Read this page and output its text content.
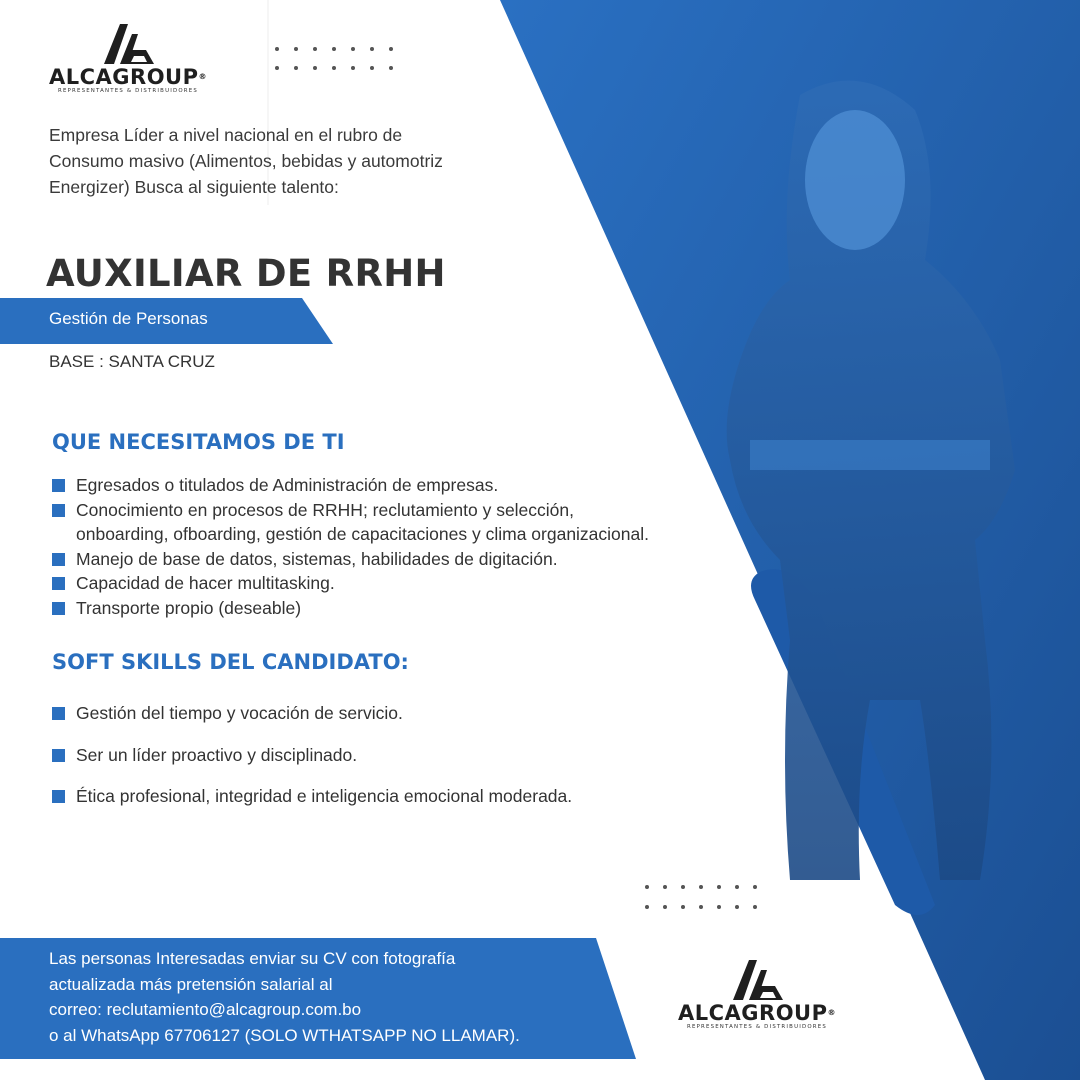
ALCAGROUP®
REPRESENTANTES & DISTRIBUIDORES
Empresa Líder a nivel nacional en el rubro de
Consumo masivo (Alimentos, bebidas y automotriz
Energizer) Busca al siguiente talento:
AUXILIAR DE RRHH
Gestión de Personas
BASE : SANTA CRUZ
QUE NECESITAMOS DE TI
Egresados o titulados de Administración de empresas.
Conocimiento en procesos de RRHH; reclutamiento y selección,
onboarding, ofboarding, gestión de capacitaciones y clima organizacional.
Manejo de base de datos, sistemas, habilidades de digitación.
Capacidad de hacer multitasking.
Transporte propio (deseable)
SOFT SKILLS DEL CANDIDATO:
Gestión del tiempo y vocación de servicio.
Ser un líder proactivo y disciplinado.
Ética profesional, integridad e inteligencia emocional moderada.
Las personas Interesadas enviar su CV con fotografía
actualizada más pretensión salarial al
correo: reclutamiento@alcagroup.com.bo
o al WhatsApp 67706127 (SOLO WTHATSAPP NO LLAMAR).
ALCAGROUP®
REPRESENTANTES & DISTRIBUIDORES
